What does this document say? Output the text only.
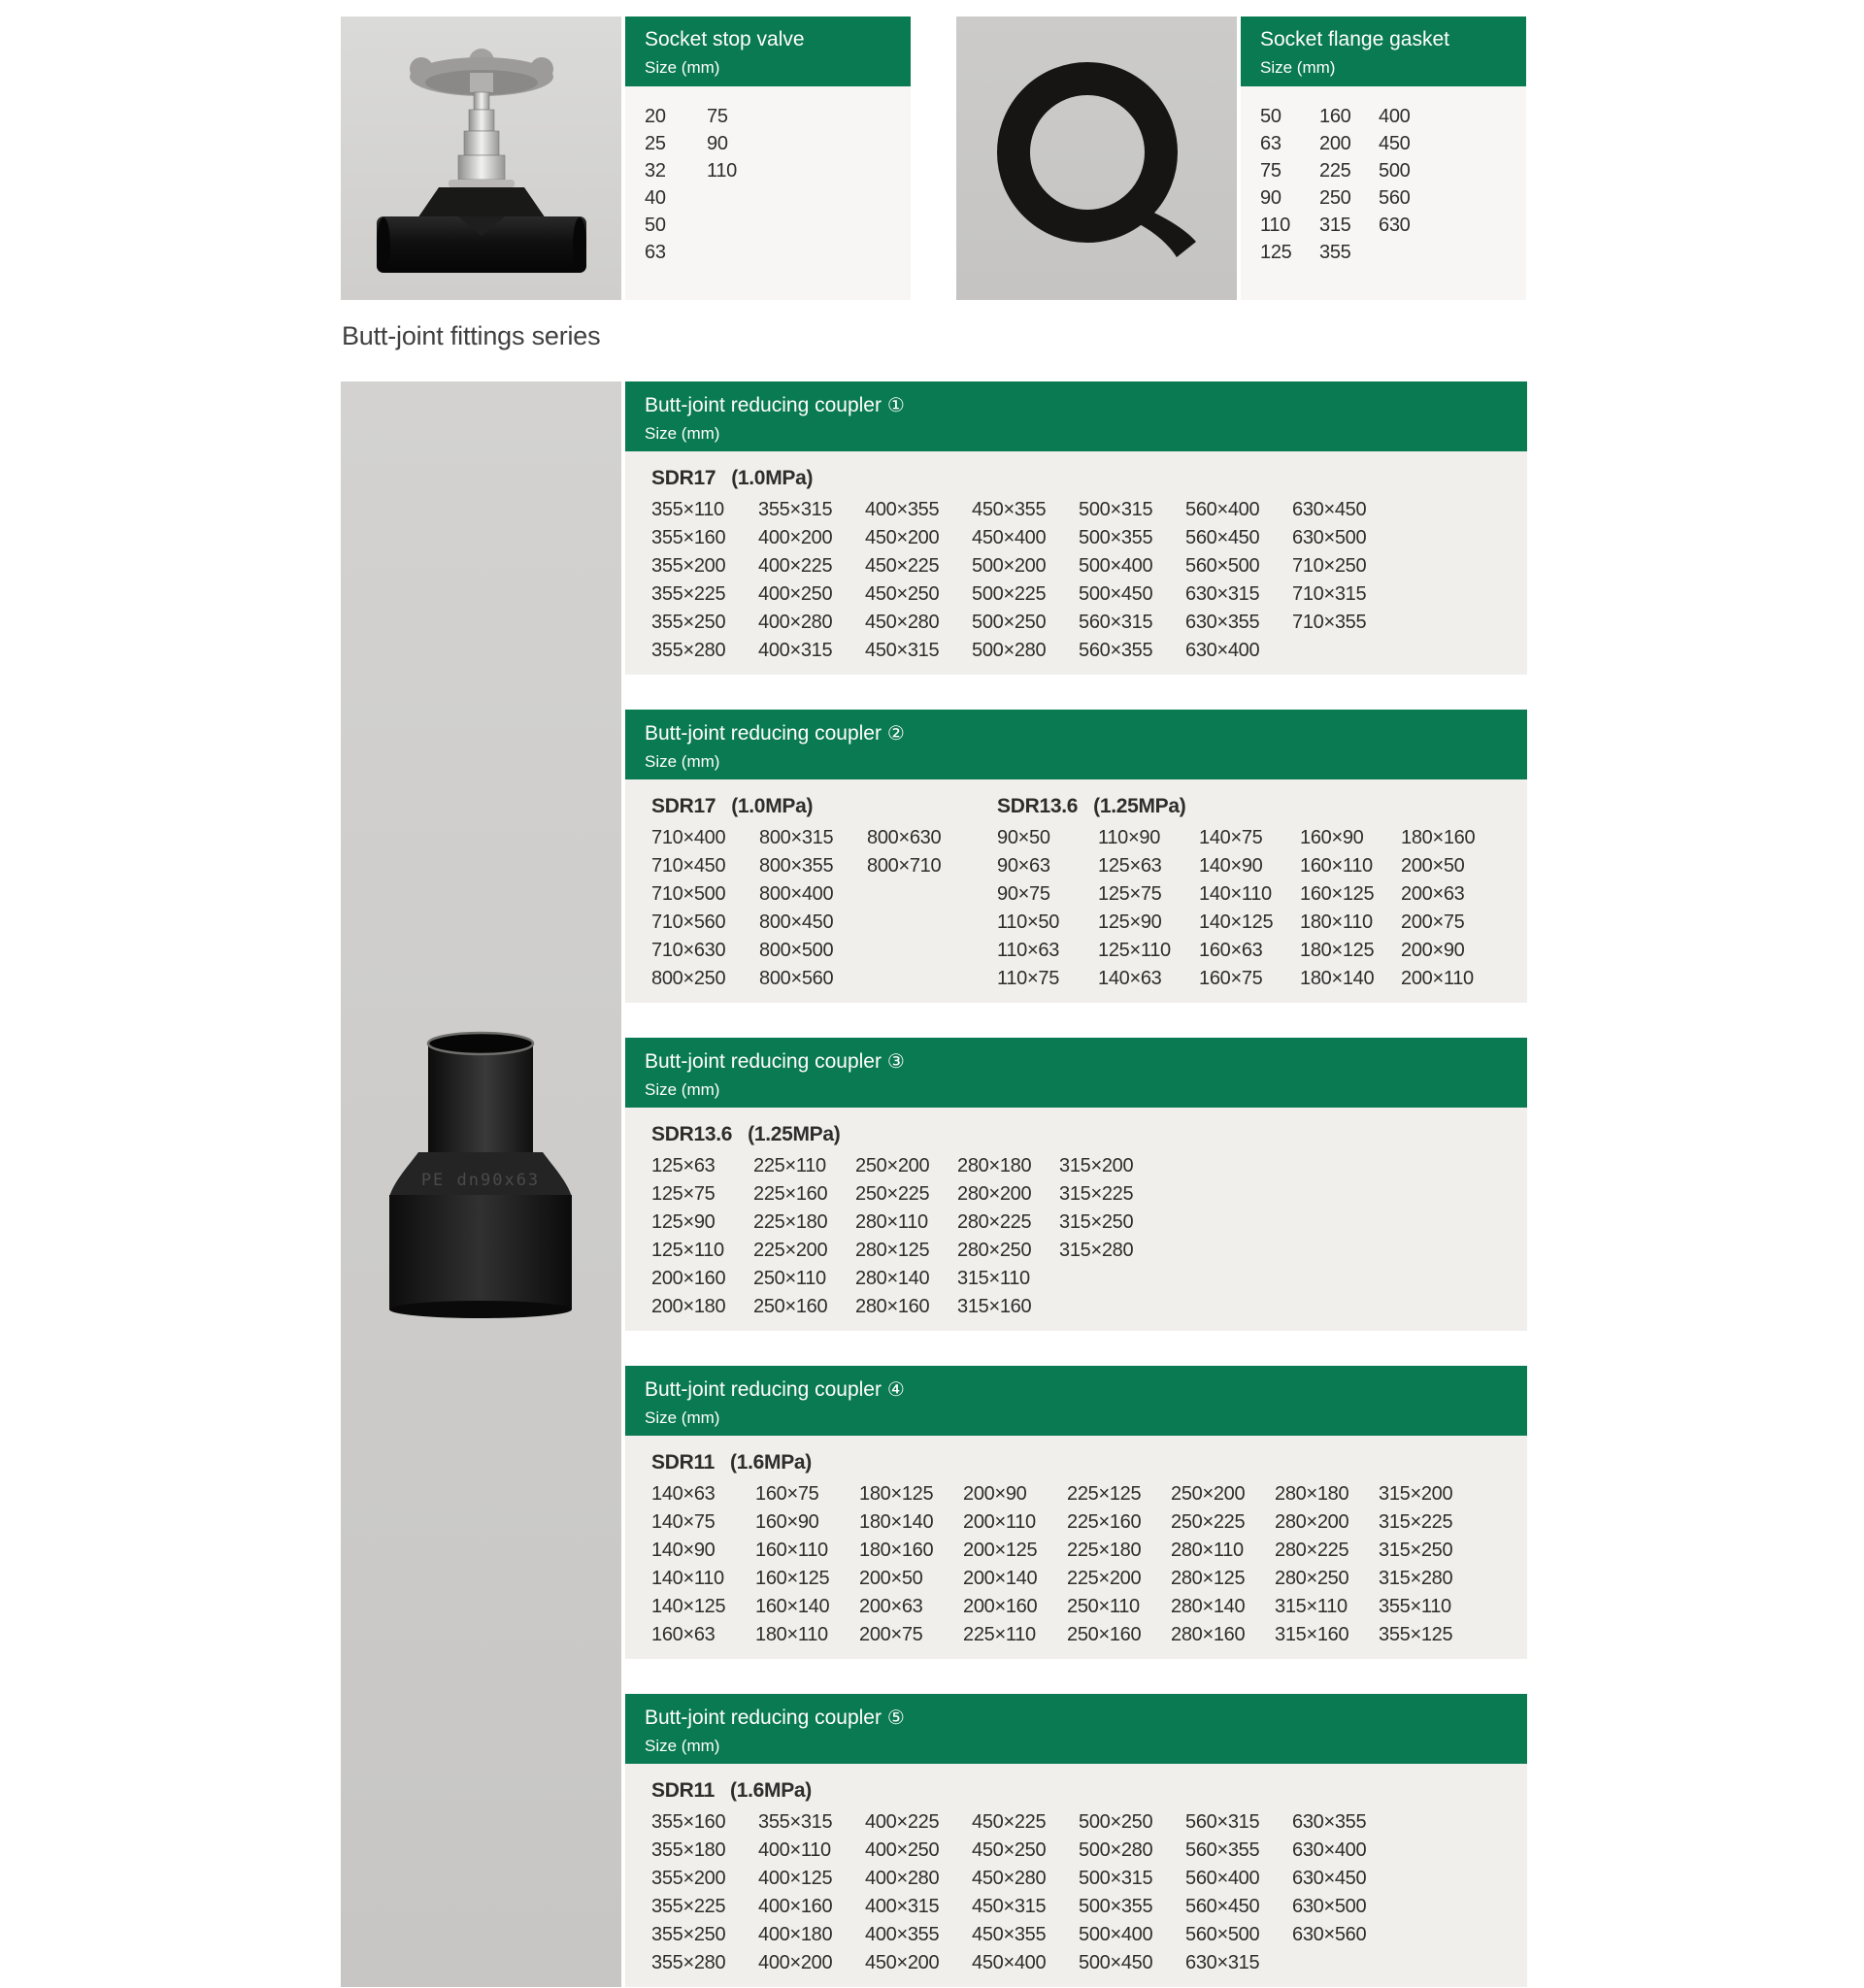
Socket stop valve
Size (mm)
20	75
25	90
32	110
40
50
63
Socket flange gasket
Size (mm)
50	160	400
63	200	450
75	225	500
90	250	560
110	315	630
125	355
Butt-joint fittings series
PE dn90x63
Butt-joint reducing coupler ①
Size (mm)
SDR17 (1.0MPa)
355×110	355×315	400×355	450×355	500×315	560×400	630×450
355×160	400×200	450×200	450×400	500×355	560×450	630×500
355×200	400×225	450×225	500×200	500×400	560×500	710×250
355×225	400×250	450×250	500×225	500×450	630×315	710×315
355×250	400×280	450×280	500×250	560×315	630×355	710×355
355×280	400×315	450×315	500×280	560×355	630×400
Butt-joint reducing coupler ②
Size (mm)
SDR17 (1.0MPa)
710×400	800×315	800×630
710×450	800×355	800×710
710×500	800×400
710×560	800×450
710×630	800×500
800×250	800×560
SDR13.6 (1.25MPa)
90×50	110×90	140×75	160×90	180×160
90×63	125×63	140×90	160×110	200×50
90×75	125×75	140×110	160×125	200×63
110×50	125×90	140×125	180×110	200×75
110×63	125×110	160×63	180×125	200×90
110×75	140×63	160×75	180×140	200×110
Butt-joint reducing coupler ③
Size (mm)
SDR13.6 (1.25MPa)
125×63	225×110	250×200	280×180	315×200
125×75	225×160	250×225	280×200	315×225
125×90	225×180	280×110	280×225	315×250
125×110	225×200	280×125	280×250	315×280
200×160	250×110	280×140	315×110
200×180	250×160	280×160	315×160
Butt-joint reducing coupler ④
Size (mm)
SDR11 (1.6MPa)
140×63	160×75	180×125	200×90	225×125	250×200	280×180	315×200
140×75	160×90	180×140	200×110	225×160	250×225	280×200	315×225
140×90	160×110	180×160	200×125	225×180	280×110	280×225	315×250
140×110	160×125	200×50	200×140	225×200	280×125	280×250	315×280
140×125	160×140	200×63	200×160	250×110	280×140	315×110	355×110
160×63	180×110	200×75	225×110	250×160	280×160	315×160	355×125
Butt-joint reducing coupler ⑤
Size (mm)
SDR11 (1.6MPa)
355×160	355×315	400×225	450×225	500×250	560×315	630×355
355×180	400×110	400×250	450×250	500×280	560×355	630×400
355×200	400×125	400×280	450×280	500×315	560×400	630×450
355×225	400×160	400×315	450×315	500×355	560×450	630×500
355×250	400×180	400×355	450×355	500×400	560×500	630×560
355×280	400×200	450×200	450×400	500×450	630×315
